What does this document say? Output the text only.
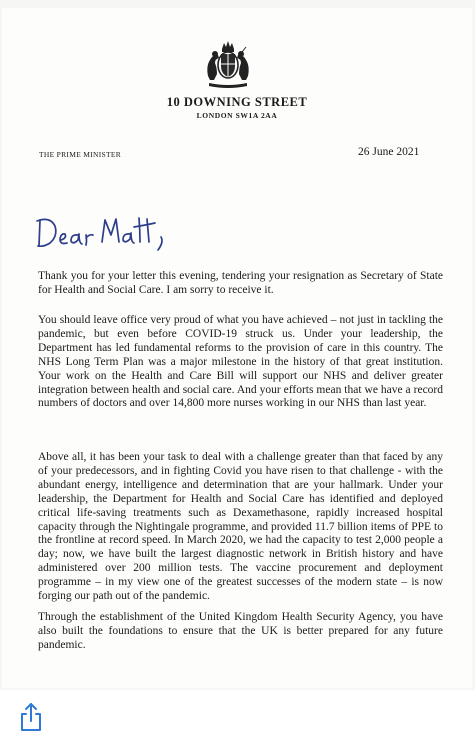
10 DOWNING STREET
LONDON SW1A 2AA
THE PRIME MINISTER	26 June 2021

Thank you for your letter this evening, tendering your resignation as Secretary of State for Health and Social Care. I am sorry to receive it.

You should leave office very proud of what you have achieved – not just in tackling the pandemic, but even before COVID-19 struck us. Under your leadership, the Department has led fundamental reforms to the provision of care in this country. The NHS Long Term Plan was a major milestone in the history of that great institution. Your work on the Health and Care Bill will support our NHS and deliver greater integration between health and social care. And your efforts mean that we have a record numbers of doctors and over 14,800 more nurses working in our NHS than last year.

Above all, it has been your task to deal with a challenge greater than that faced by any of your predecessors, and in fighting Covid you have risen to that challenge - with the abundant energy, intelligence and determination that are your hallmark. Under your leadership, the Department for Health and Social Care has identified and deployed critical life-saving treatments such as Dexamethasone, rapidly increased hospital capacity through the Nightingale programme, and provided 11.7 billion items of PPE to the frontline at record speed. In March 2020, we had the capacity to test 2,000 people a day; now, we have built the largest diagnostic network in British history and have administered over 200 million tests. The vaccine procurement and deployment programme – in my view one of the greatest successes of the modern state – is now forging our path out of the pandemic.

Through the establishment of the United Kingdom Health Security Agency, you have also built the foundations to ensure that the UK is better prepared for any future pandemic.
